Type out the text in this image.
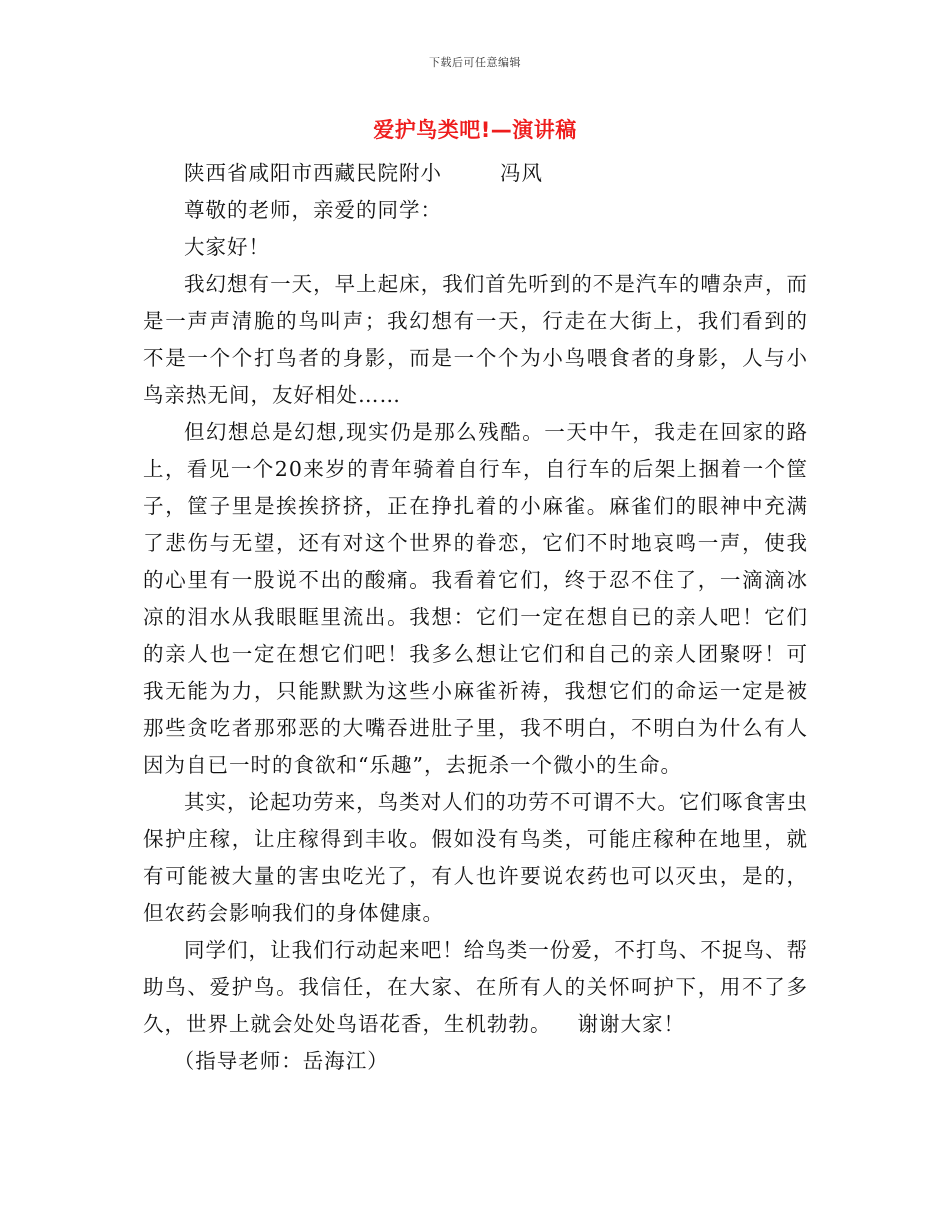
下载后可任意编辑
爱护鸟类吧!—演讲稿

陕西省咸阳市西藏民院附小	冯风

尊敬的老师，亲爱的同学：

大家好！

我幻想有一天，早上起床，我们首先听到的不是汽车的嘈杂声，而是一声声清脆的鸟叫声；我幻想有一天，行走在大街上，我们看到的不是一个个打鸟者的身影，而是一个个为小鸟喂食者的身影，人与小鸟亲热无间，友好相处……

但幻想总是幻想,现实仍是那么残酷。一天中午，我走在回家的路上，看见一个20来岁的青年骑着自行车，自行车的后架上捆着一个筐子，筐子里是挨挨挤挤，正在挣扎着的小麻雀。麻雀们的眼神中充满了悲伤与无望，还有对这个世界的眷恋，它们不时地哀鸣一声，使我的心里有一股说不出的酸痛。我看着它们，终于忍不住了，一滴滴冰凉的泪水从我眼眶里流出。我想：它们一定在想自已的亲人吧！它们的亲人也一定在想它们吧！我多么想让它们和自己的亲人团聚呀！可我无能为力，只能默默为这些小麻雀祈祷，我想它们的命运一定是被那些贪吃者那邪恶的大嘴吞进肚子里，我不明白，不明白为什么有人因为自已一时的食欲和“乐趣”，去扼杀一个微小的生命。

其实，论起功劳来，鸟类对人们的功劳不可谓不大。它们啄食害虫保护庄稼，让庄稼得到丰收。假如没有鸟类，可能庄稼种在地里，就有可能被大量的害虫吃光了，有人也许要说农药也可以灭虫，是的，但农药会影响我们的身体健康。

同学们，让我们行动起来吧！给鸟类一份爱，不打鸟、不捉鸟、帮助鸟、爱护鸟。我信任，在大家、在所有人的关怀呵护下，用不了多久，世界上就会处处鸟语花香，生机勃勃。 谢谢大家！

（指导老师：岳海江）
